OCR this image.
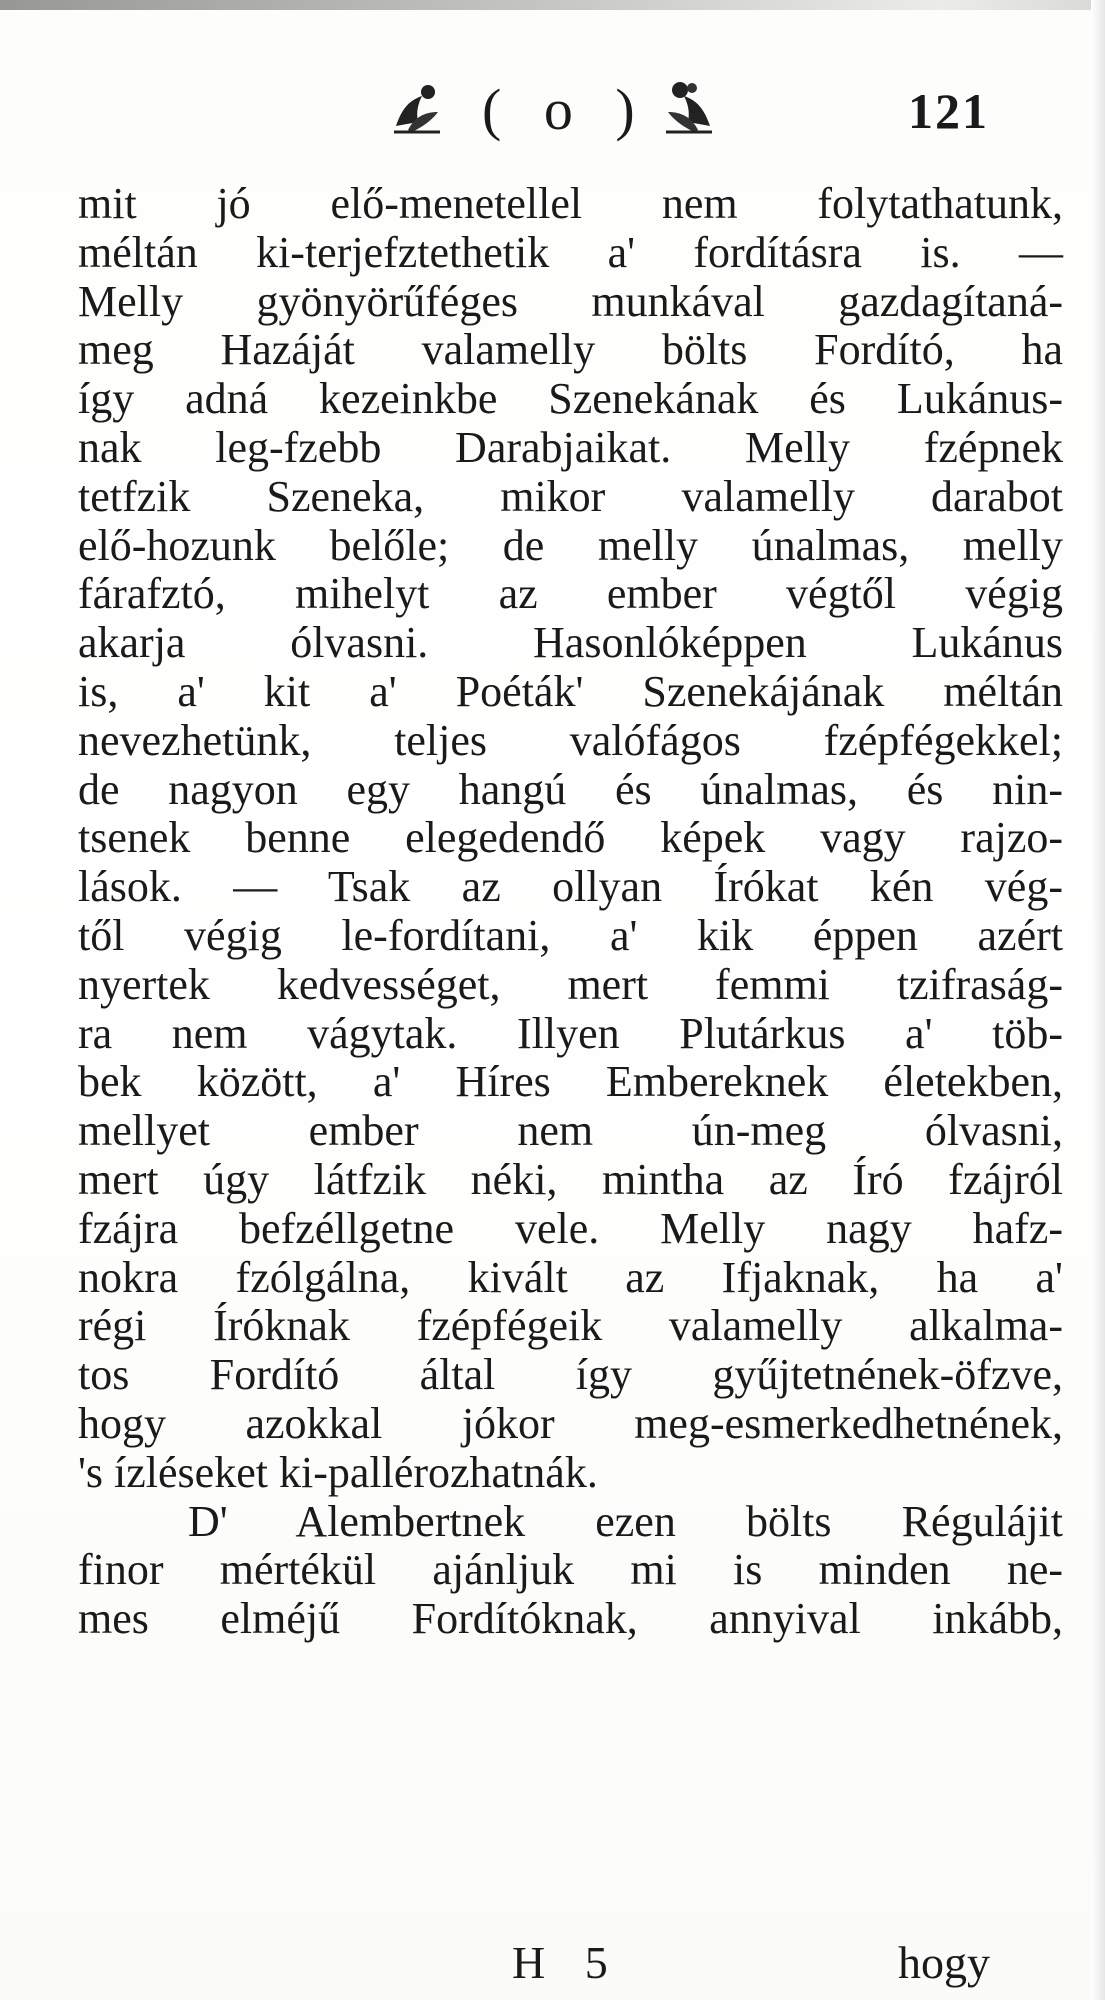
( o )	121
mit jó elő-menetellel nem folytathatunk,
méltán ki-terjefztethetik a' fordításra is. —
Melly gyönyörűféges munkával gazdagítaná-
meg Hazáját valamelly bölts Fordító, ha
így adná kezeinkbe Szenekának és Lukánus-
nak leg-fzebb Darabjaikat. Melly fzépnek
tetfzik Szeneka, mikor valamelly darabot
elő-hozunk belőle; de melly únalmas, melly
fárafztó, mihelyt az ember végtől végig
akarja ólvasni. Hasonlóképpen Lukánus
is, a' kit a' Poéták' Szenekájának méltán
nevezhetünk, teljes valófágos fzépfégekkel;
de nagyon egy hangú és únalmas, és nin-
tsenek benne elegedendő képek vagy rajzo-
lások. — Tsak az ollyan Írókat kén vég-
től végig le-fordítani, a' kik éppen azért
nyertek kedvességet, mert femmi tzifraság-
ra nem vágytak. Illyen Plutárkus a' töb-
bek között, a' Híres Embereknek életekben,
mellyet ember nem ún-meg ólvasni,
mert úgy látfzik néki, mintha az Író fzájról
fzájra befzéllgetne vele. Melly nagy hafz-
nokra fzólgálna, kivált az Ifjaknak, ha a'
régi Íróknak fzépfégeik valamelly alkalma-
tos Fordító által így gyűjtetnének-öfzve,
hogy azokkal jókor meg-esmerkedhetnének,
's ízléseket ki-pallérozhatnák.
D' Alembertnek ezen bölts Régulájit
finor mértékül ajánljuk mi is minden ne-
mes elméjű Fordítóknak, annyival inkább,
H 5	hogy
